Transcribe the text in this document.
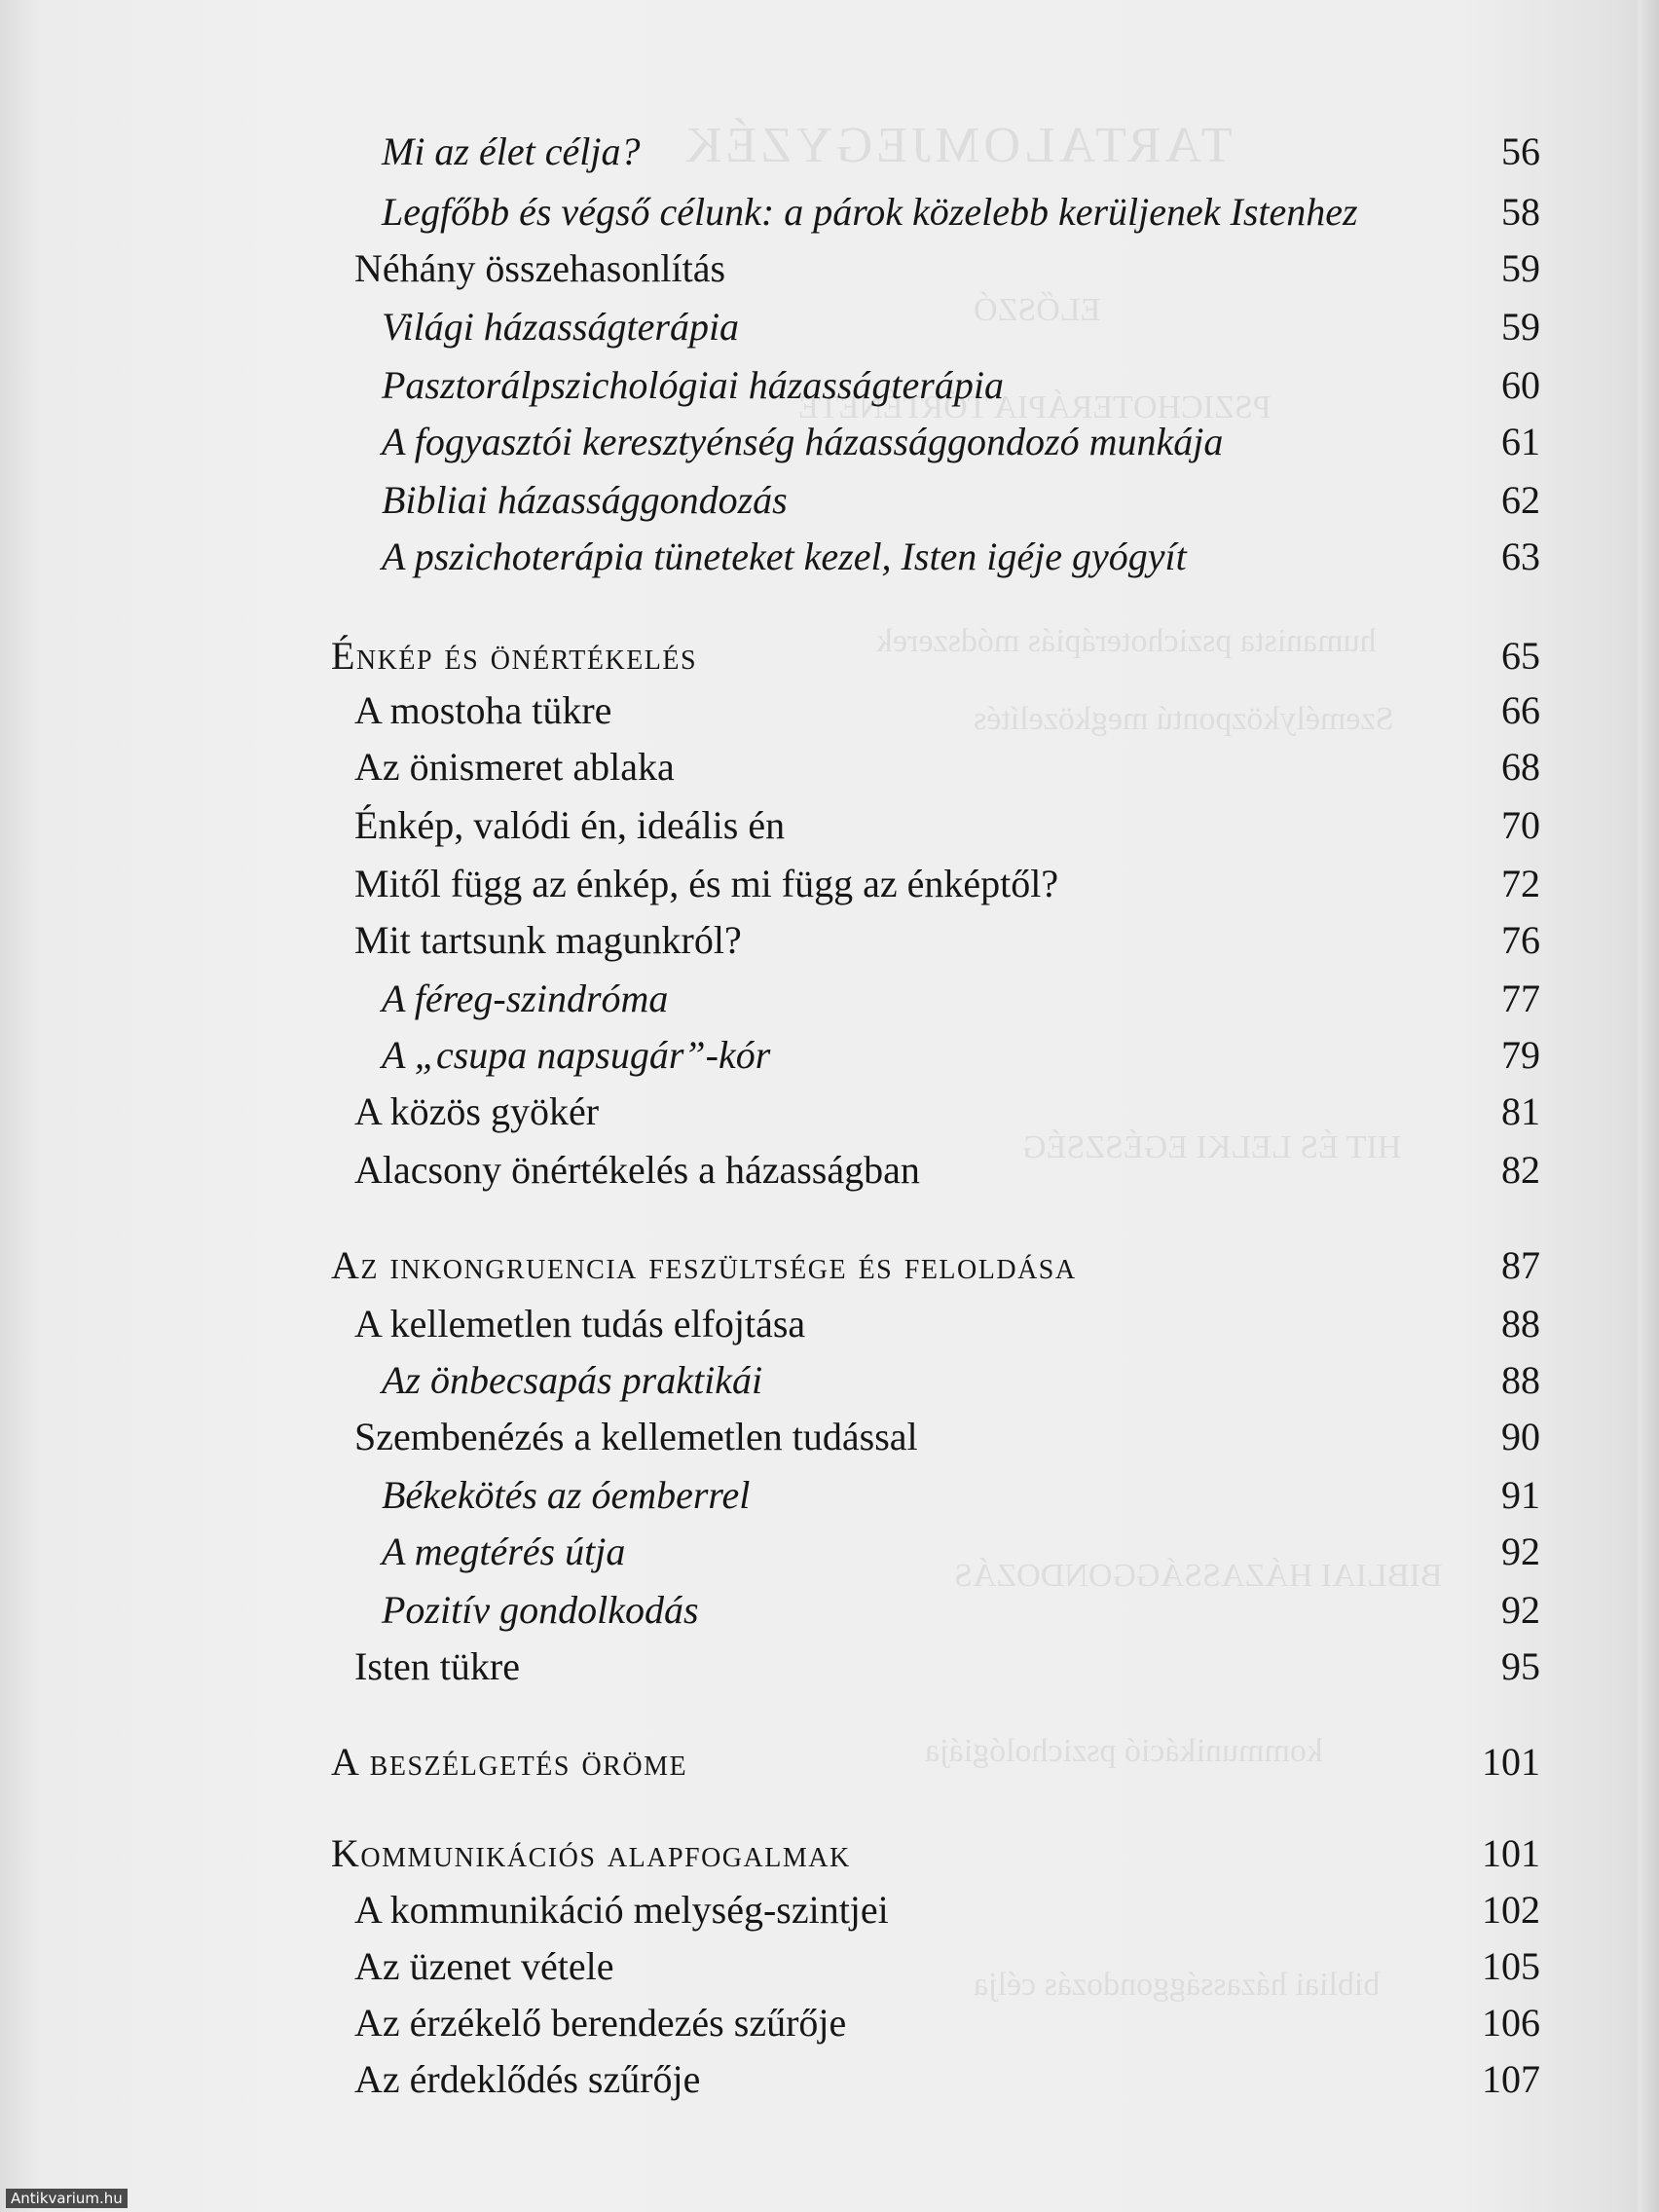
TARTALOMJEGYZÉK
ELŐSZÓ
PSZICHOTERÁPIA TÖRTÉNETE
humanista pszichoterápiás módszerek
Személyközpontú megközelítés
HIT ÉS LELKI EGÉSZSÉG
BIBLIAI HÁZASSÁGGONDOZÁS
kommunikáció pszichológiája
bibliai házassággondozás célja
Mi az élet célja?	56
Legfőbb és végső célunk: a párok közelebb kerüljenek Istenhez	58
Néhány összehasonlítás	59
Világi házasságterápia	59
Pasztorálpszichológiai házasságterápia	60
A fogyasztói keresztyénség házassággondozó munkája	61
Bibliai házassággondozás	62
A pszichoterápia tüneteket kezel, Isten igéje gyógyít	63
Énkép és önértékelés	65
A mostoha tükre	66
Az önismeret ablaka	68
Énkép, valódi én, ideális én	70
Mitől függ az énkép, és mi függ az énképtől?	72
Mit tartsunk magunkról?	76
A féreg-szindróma	77
A „csupa napsugár”-kór	79
A közös gyökér	81
Alacsony önértékelés a házasságban	82
Az inkongruencia feszültsége és feloldása	87
A kellemetlen tudás elfojtása	88
Az önbecsapás praktikái	88
Szembenézés a kellemetlen tudással	90
Békekötés az óemberrel	91
A megtérés útja	92
Pozitív gondolkodás	92
Isten tükre	95
A beszélgetés öröme	101
Kommunikációs alapfogalmak	101
A kommunikáció melység-szintjei	102
Az üzenet vétele	105
Az érzékelő berendezés szűrője	106
Az érdeklődés szűrője	107
Antikvarium.hu
